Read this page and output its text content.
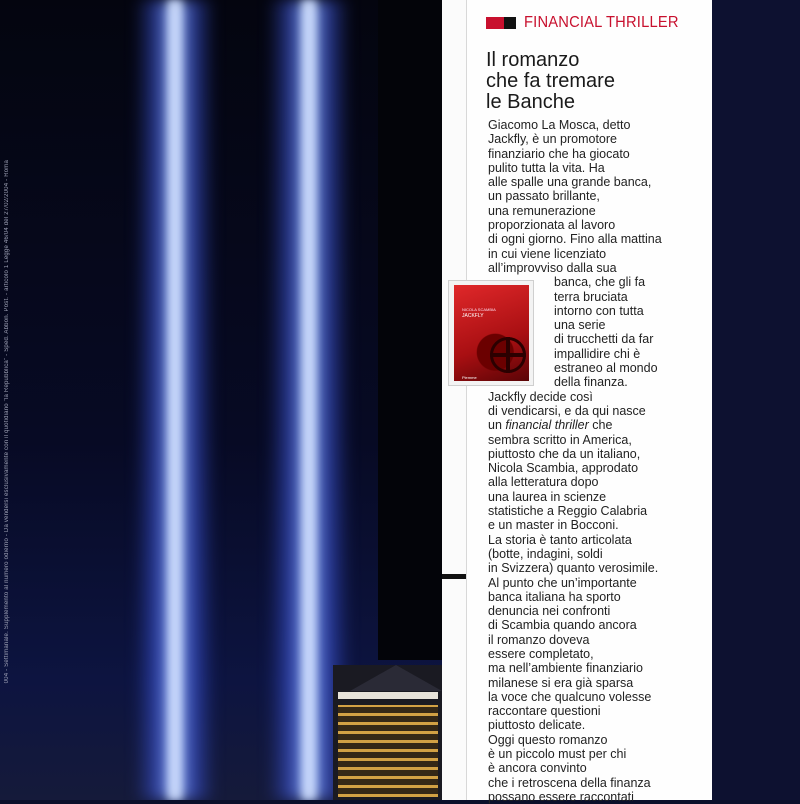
004 - Settimanale. Supplemento al numero odierno - Da vendersi esclusivamente con il quotidiano "la Repubblica" - Sped. Abbon. Post. - articolo 1 Legge 46/04 del 27/02/2004 - Roma
FINANCIAL THRILLER
Il romanzo
che fa tremare
le Banche
Giacomo La Mosca, detto
Jackfly, è un promotore
finanziario che ha giocato
pulito tutta la vita. Ha
alle spalle una grande banca,
un passato brillante,
una remunerazione
proporzionata al lavoro
di ogni giorno. Fino alla mattina
in cui viene licenziato
all’improvviso dalla sua
banca, che gli fa
terra bruciata
intorno con tutta
una serie
di trucchetti da far
impallidire chi è
estraneo al mondo
della finanza.
Jackfly decide così
di vendicarsi, e da qui nasce
un financial thriller che
sembra scritto in America,
piuttosto che da un italiano,
Nicola Scambia, approdato
alla letteratura dopo
una laurea in scienze
statistiche a Reggio Calabria
e un master in Bocconi.
La storia è tanto articolata
(botte, indagini, soldi
in Svizzera) quanto verosimile.
Al punto che un’importante
banca italiana ha sporto
denuncia nei confronti
di Scambia quando ancora
il romanzo doveva
essere completato,
ma nell’ambiente finanziario
milanese si era già sparsa
la voce che qualcuno volesse
raccontare questioni
piuttosto delicate.
Oggi questo romanzo
è un piccolo must per chi
è ancora convinto
che i retroscena della finanza
possano essere raccontati
NICOLA SCAMBIA
JACKFLY
Piemme
